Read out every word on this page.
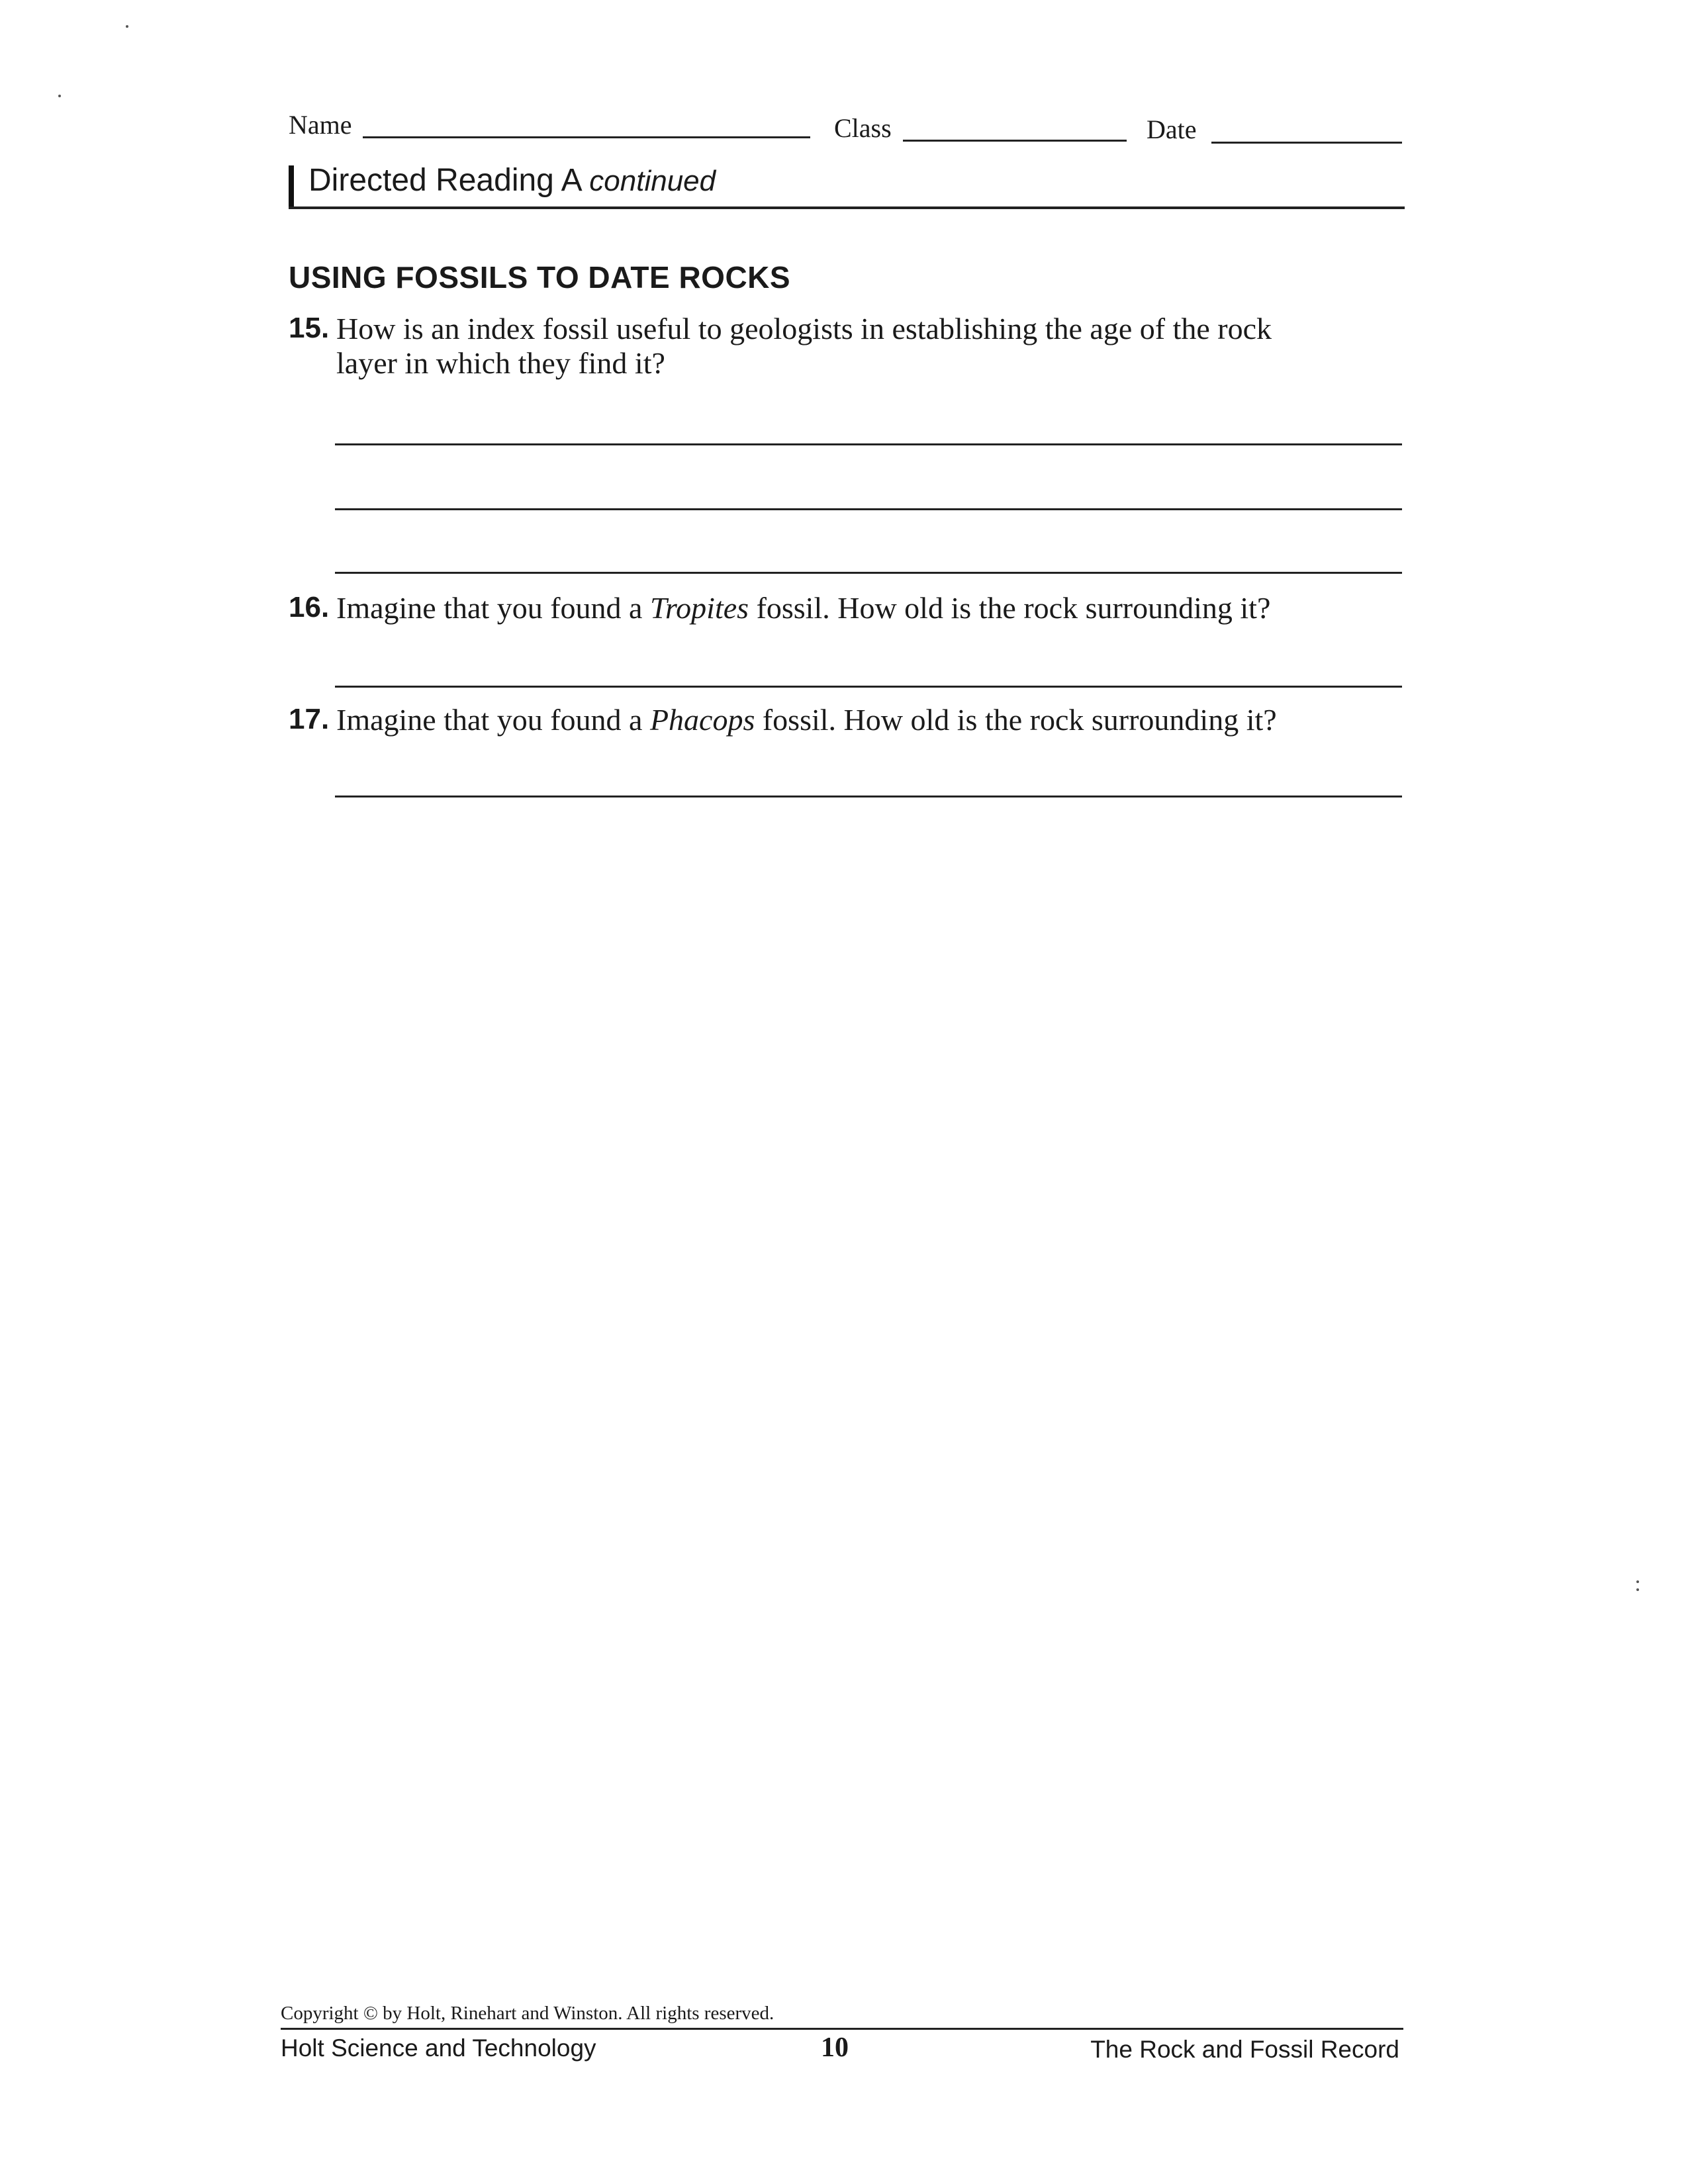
Name	Class	Date
Directed Reading A continued
USING FOSSILS TO DATE ROCKS
15. How is an index fossil useful to geologists in establishing the age of the rock
layer in which they find it?
16. Imagine that you found a Tropites fossil. How old is the rock surrounding it?
17. Imagine that you found a Phacops fossil. How old is the rock surrounding it?
Copyright © by Holt, Rinehart and Winston. All rights reserved.
Holt Science and Technology	10	The Rock and Fossil Record
